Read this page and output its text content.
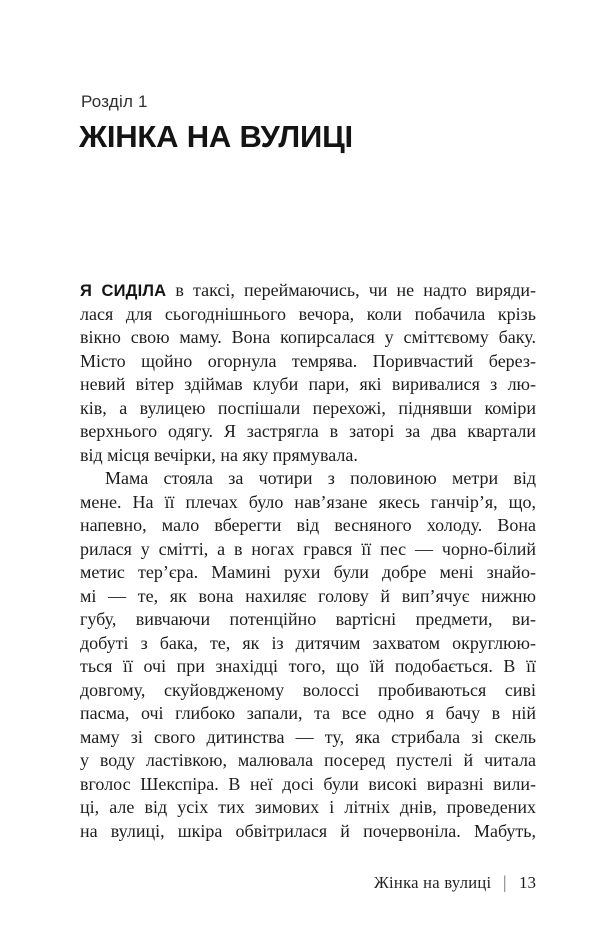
Розділ 1
ЖІНКА НА ВУЛИЦІ
Я СИДІЛА в таксі, переймаючись, чи не надто виряди-
лася для сьогоднішнього вечора, коли побачила крізь
вікно свою маму. Вона копирсалася у сміттєвому баку.
Місто щойно огорнула темрява. Поривчастий берез-
невий вітер здіймав клуби пари, які виривалися з лю-
ків, а вулицею поспішали перехожі, піднявши коміри
верхнього одягу. Я застрягла в заторі за два квартали
від місця вечірки, на яку прямувала.
Мама стояла за чотири з половиною метри від
мене. На її плечах було нав’язане якесь ганчір’я, що,
напевно, мало вберегти від весняного холоду. Вона
рилася у смітті, а в ногах грався її пес — чорно-білий
метис тер’єра. Мамині рухи були добре мені знайо-
мі — те, як вона нахиляє голову й вип’ячує нижню
губу, вивчаючи потенційно вартісні предмети, ви-
добуті з бака, те, як із дитячим захватом округлюю-
ться її очі при знахідці того, що їй подобається. В її
довгому, скуйовдженому волоссі пробиваються сиві
пасма, очі глибоко запали, та все одно я бачу в ній
маму зі свого дитинства — ту, яка стрибала зі скель
у воду ластівкою, малювала посеред пустелі й читала
вголос Шекспіра. В неї досі були високі виразні вили-
ці, але від усіх тих зимових і літніх днів, проведених
на вулиці, шкіра обвітрилася й почервоніла. Мабуть,
Жінка на вулиці | 13
